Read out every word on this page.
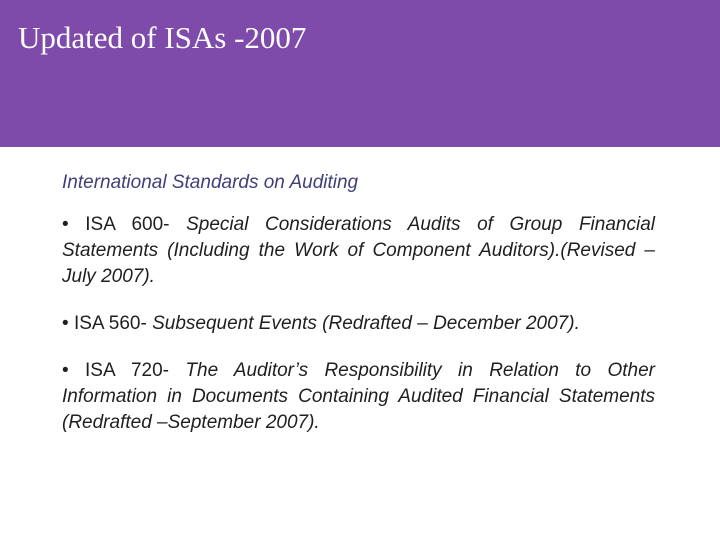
Updated of ISAs -2007

International Standards on Auditing

• ISA 600- Special Considerations Audits of Group Financial Statements (Including the Work of Component Auditors).(Revised –July 2007).

• ISA 560- Subsequent Events (Redrafted – December 2007).

• ISA 720- The Auditor’s Responsibility in Relation to Other Information in Documents Containing Audited Financial Statements (Redrafted –September 2007).
